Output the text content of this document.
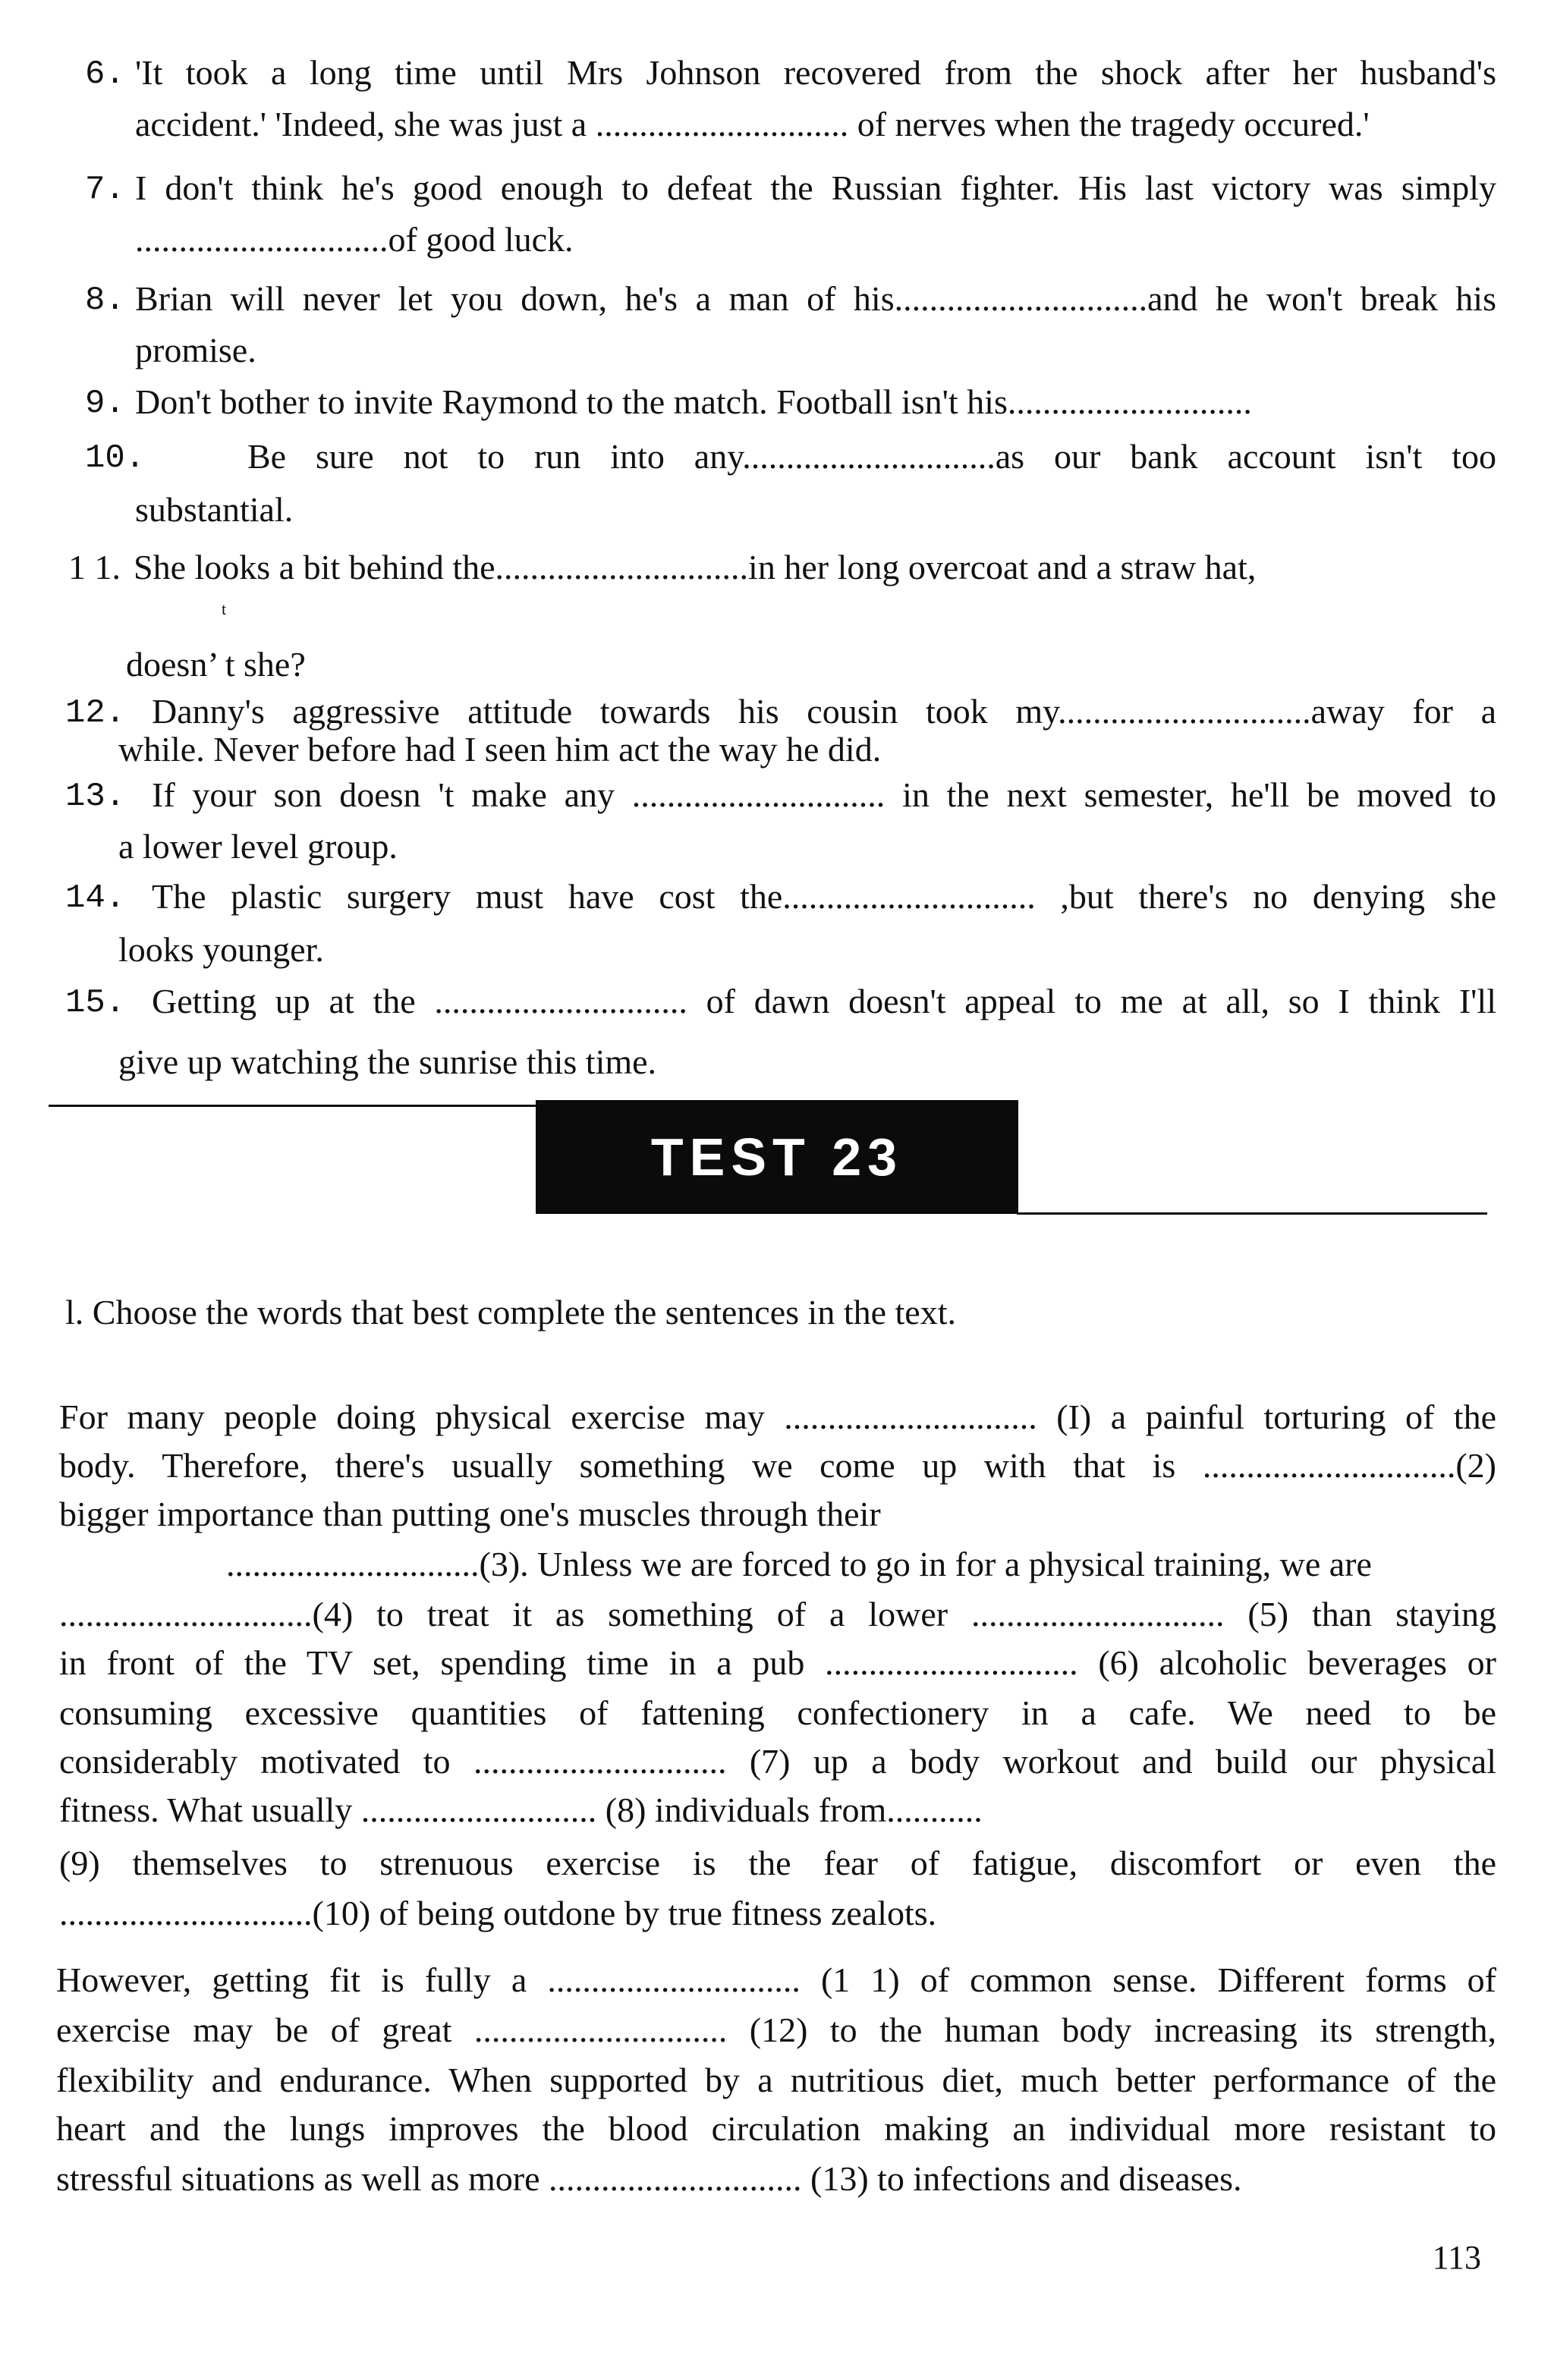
6. 'It took a long time until Mrs Johnson recovered from the shock after her husband's
accident.' 'Indeed, she was just a ............................. of nerves when the tragedy occured.'
7. I don't think he's good enough to defeat the Russian fighter. His last victory was simply
.............................of good luck.
8. Brian will never let you down, he's a man of his.............................and he won't break his
promise.
9. Don't bother to invite Raymond to the match. Football isn't his............................
10.	Be sure not to run into any.............................as our bank account isn't too
substantial.
1 1. She looks a bit behind the.............................in her long overcoat and a straw hat,
t
doesn’ t she?
12. Danny's aggressive attitude towards his cousin took my.............................away for a
while. Never before had I seen him act the way he did.
13. If your son doesn 't make any ............................. in the next semester, he'll be moved to
a lower level group.
14. The plastic surgery must have cost the............................. ,but there's no denying she
looks younger.
15. Getting up at the ............................. of dawn doesn't appeal to me at all, so I think I'll
give up watching the sunrise this time.
TEST 23
l. Choose the words that best complete the sentences in the text.
For many people doing physical exercise may ............................. (I) a painful torturing of the
body. Therefore, there's usually something we come up with that is .............................(2)
bigger importance than putting one's muscles through their
.............................(3). Unless we are forced to go in for a physical training, we are
.............................(4) to treat it as something of a lower ............................. (5) than staying
in front of the TV set, spending time in a pub ............................. (6) alcoholic beverages or
consuming excessive quantities of fattening confectionery in a cafe. We need to be
considerably motivated to ............................. (7) up a body workout and build our physical
fitness. What usually ........................... (8) individuals from...........
(9) themselves to strenuous exercise is the fear of fatigue, discomfort or even the
.............................(10) of being outdone by true fitness zealots.
However, getting fit is fully a ............................. (1 1) of common sense. Different forms of
exercise may be of great ............................. (12) to the human body increasing its strength,
flexibility and endurance. When supported by a nutritious diet, much better performance of the
heart and the lungs improves the blood circulation making an individual more resistant to
stressful situations as well as more ............................. (13) to infections and diseases.
113
